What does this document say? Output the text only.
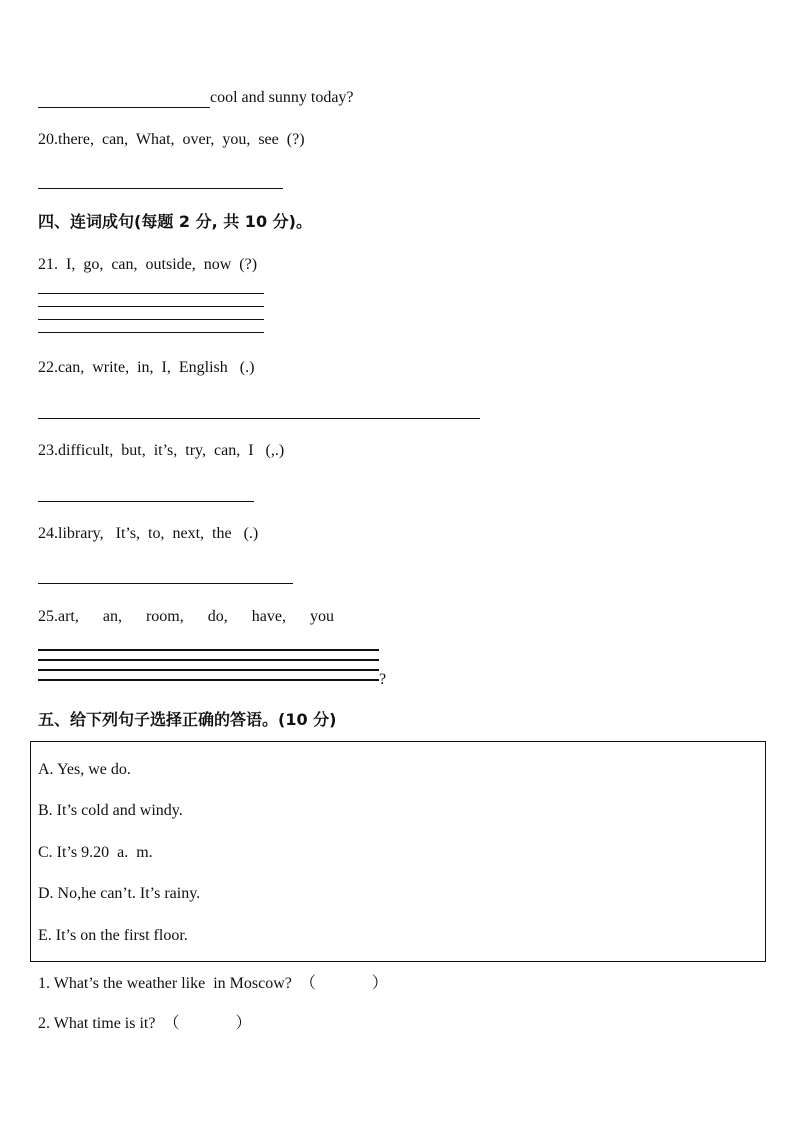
cool and sunny today?
20.there,  can,  What,  over,  you,  see  (?)
四、连词成句(每题 2 分, 共 10 分)。
21.  I,  go,  can,  outside,  now  (?)
22.can,  write,  in,  I,  English   (.)
23.difficult,  but,  it’s,  try,  can,  I   (,.)
24.library,   It’s,  to,  next,  the   (.)
25.art,      an,      room,      do,      have,      you
?
五、给下列句子选择正确的答语。(10 分)
A. Yes, we do.
B. It’s cold and windy.
C. It’s 9.20  a.  m.
D. No,he can’t. It’s rainy.
E. It’s on the first floor.
1. What’s the weather like  in Moscow?  （              ）
2. What time is it?  （              ）
